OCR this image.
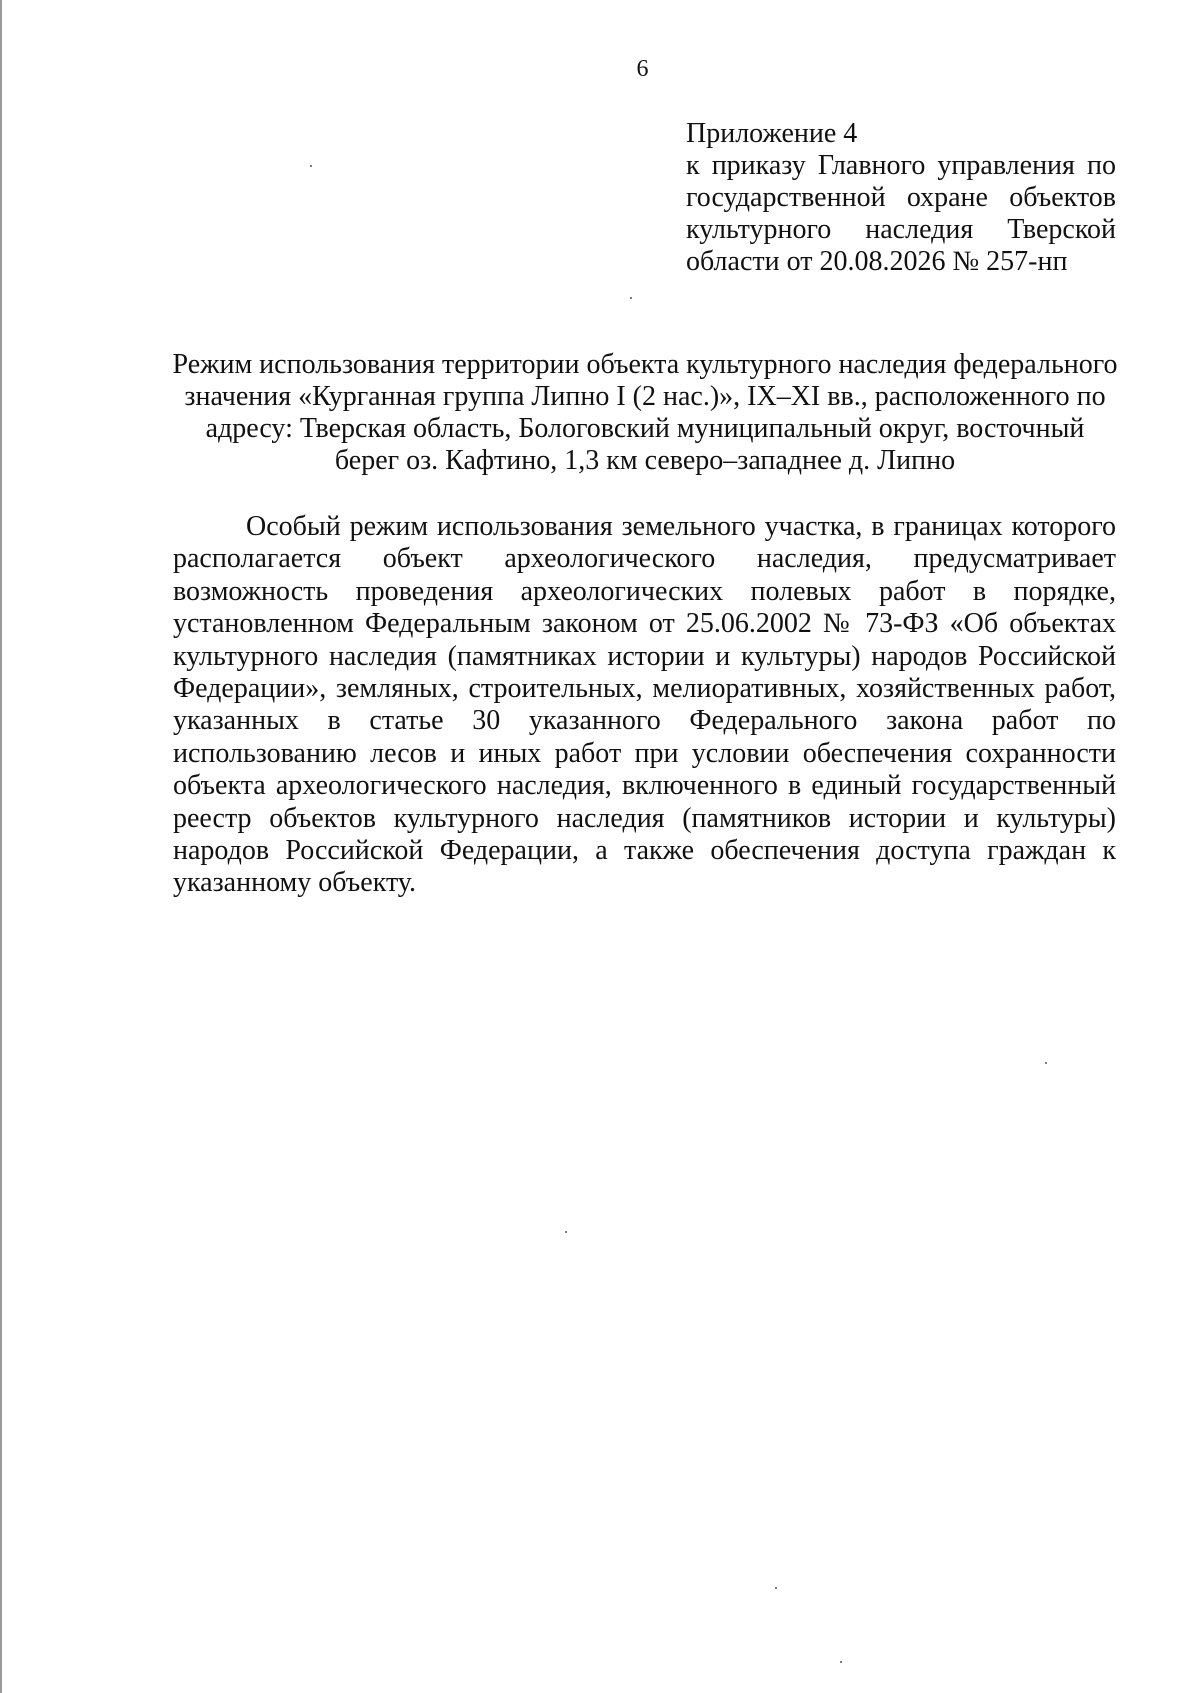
6
Приложение 4
к приказу Главного управления по государственной охране объектов культурного наследия Тверской области от 20.08.2026 № 257-нп
Режим использования территории объекта культурного наследия федерального значения «Курганная группа Липно I (2 нас.)», IX–XI вв., расположенного по адресу: Тверская область, Бологовский муниципальный округ, восточный берег оз. Кафтино, 1,3 км северо–западнее д. Липно

Особый режим использования земельного участка, в границах которого располагается объект археологического наследия, предусматривает возможность проведения археологических полевых работ в порядке, установленном Федеральным законом от 25.06.2002 № 73-ФЗ «Об объектах культурного наследия (памятниках истории и культуры) народов Российской Федерации», земляных, строительных, мелиоративных, хозяйственных работ, указанных в статье 30 указанного Федерального закона работ по использованию лесов и иных работ при условии обеспечения сохранности объекта археологического наследия, включенного в единый государственный реестр объектов культурного наследия (памятников истории и культуры) народов Российской Федерации, а также обеспечения доступа граждан к указанному объекту.
